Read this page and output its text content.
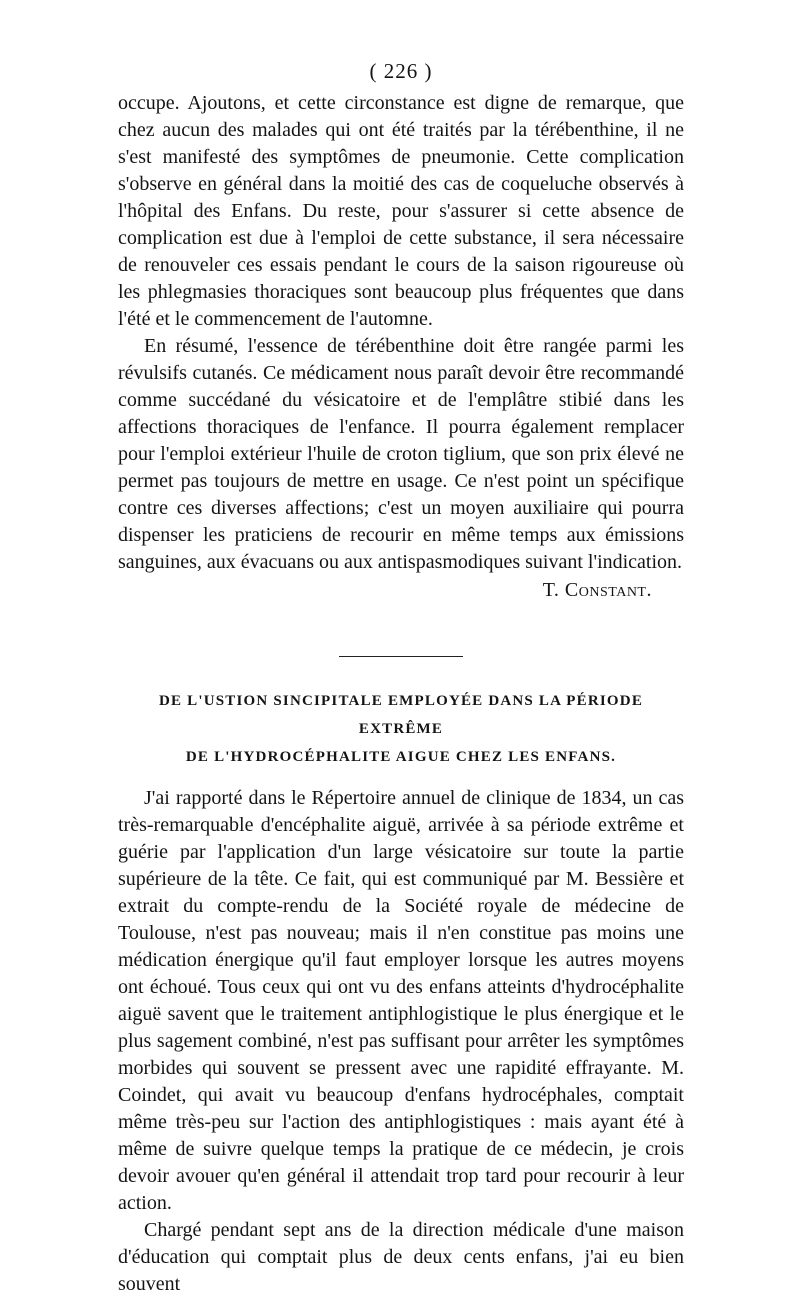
( 226 )

occupe. Ajoutons, et cette circonstance est digne de remarque, que chez aucun des malades qui ont été traités par la térébenthine, il ne s'est manifesté des symptômes de pneumonie. Cette complication s'observe en général dans la moitié des cas de coqueluche observés à l'hôpital des Enfans. Du reste, pour s'assurer si cette absence de complication est due à l'emploi de cette substance, il sera nécessaire de renouveler ces essais pendant le cours de la saison rigoureuse où les phlegmasies thoraciques sont beaucoup plus fréquentes que dans l'été et le commencement de l'automne.

En résumé, l'essence de térébenthine doit être rangée parmi les révulsifs cutanés. Ce médicament nous paraît devoir être recommandé comme succédané du vésicatoire et de l'emplâtre stibié dans les affections thoraciques de l'enfance. Il pourra également remplacer pour l'emploi extérieur l'huile de croton tiglium, que son prix élevé ne permet pas toujours de mettre en usage. Ce n'est point un spécifique contre ces diverses affections; c'est un moyen auxiliaire qui pourra dispenser les praticiens de recourir en même temps aux émissions sanguines, aux évacuans ou aux antispasmodiques suivant l'indication.

T. Constant.
DE L'USTION SINCIPITALE EMPLOYÉE DANS LA PÉRIODE EXTRÊME
DE L'HYDROCÉPHALITE AIGUE CHEZ LES ENFANS.

J'ai rapporté dans le Répertoire annuel de clinique de 1834, un cas très-remarquable d'encéphalite aiguë, arrivée à sa période extrême et guérie par l'application d'un large vésicatoire sur toute la partie supérieure de la tête. Ce fait, qui est communiqué par M. Bessière et extrait du compte-rendu de la Société royale de médecine de Toulouse, n'est pas nouveau; mais il n'en constitue pas moins une médication énergique qu'il faut employer lorsque les autres moyens ont échoué. Tous ceux qui ont vu des enfans atteints d'hydrocéphalite aiguë savent que le traitement antiphlogistique le plus énergique et le plus sagement combiné, n'est pas suffisant pour arrêter les symptômes morbides qui souvent se pressent avec une rapidité effrayante. M. Coindet, qui avait vu beaucoup d'enfans hydrocéphales, comptait même très-peu sur l'action des antiphlogistiques : mais ayant été à même de suivre quelque temps la pratique de ce médecin, je crois devoir avouer qu'en général il attendait trop tard pour recourir à leur action.

Chargé pendant sept ans de la direction médicale d'une maison d'éducation qui comptait plus de deux cents enfans, j'ai eu bien souvent
